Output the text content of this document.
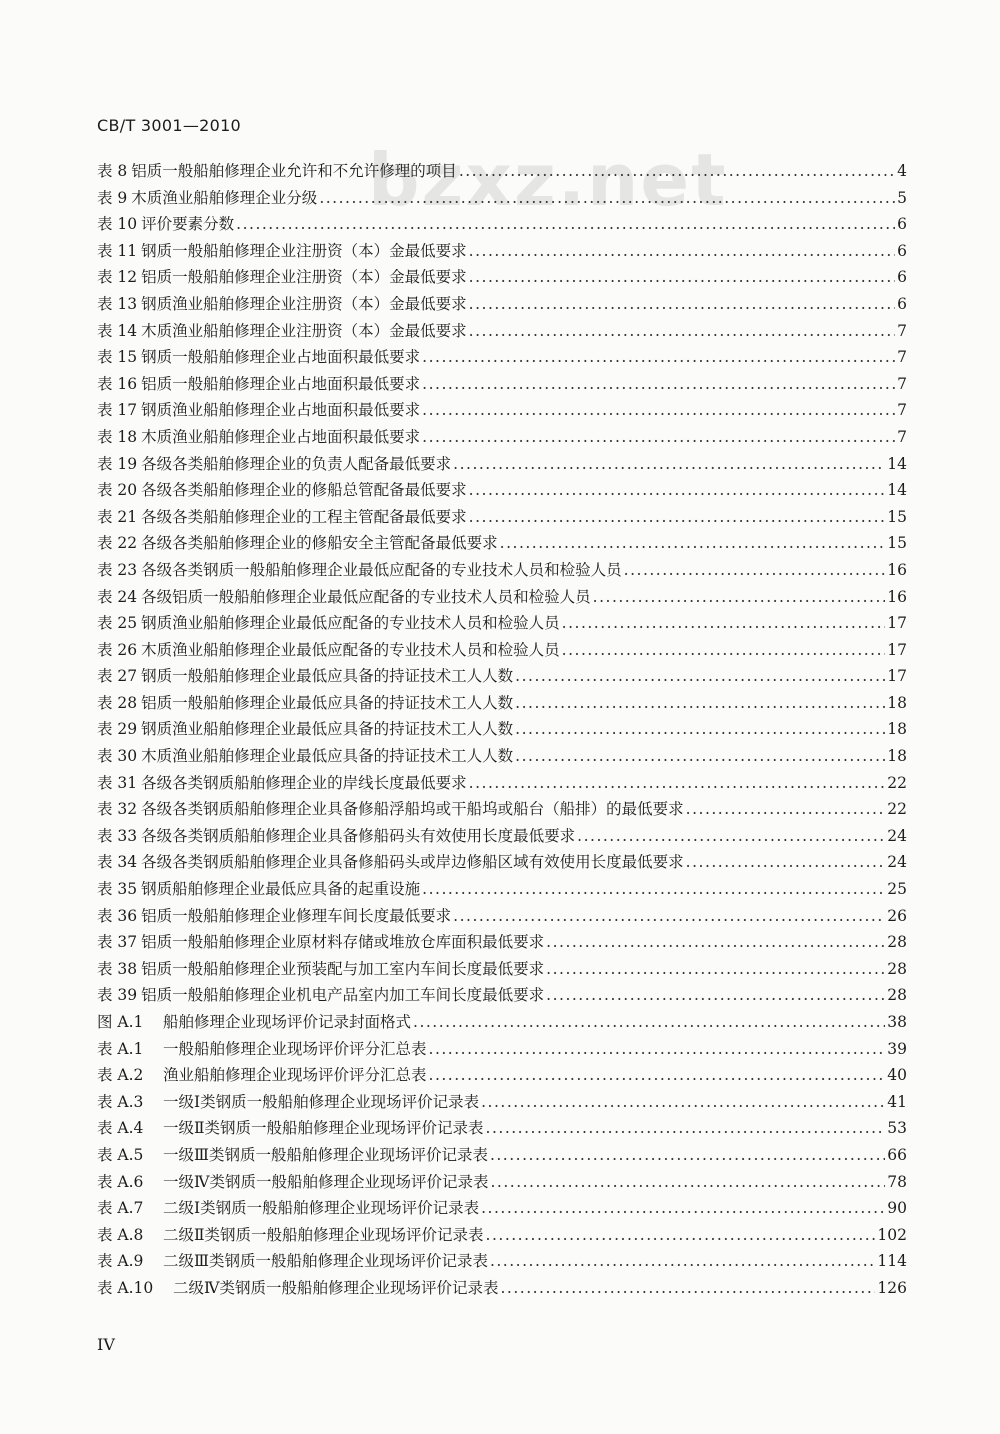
CB/T 3001—2010
bzxz.net
表 8 铝质一般船舶修理企业允许和不允许修理的项目 .....	4
表 9 木质渔业船舶修理企业分级 .....	5
表 10 评价要素分数 .....	6
表 11 钢质一般船舶修理企业注册资（本）金最低要求 .....	6
表 12 铝质一般船舶修理企业注册资（本）金最低要求 .....	6
表 13 钢质渔业船舶修理企业注册资（本）金最低要求 .....	6
表 14 木质渔业船舶修理企业注册资（本）金最低要求 .....	7
表 15 钢质一般船舶修理企业占地面积最低要求 .....	7
表 16 铝质一般船舶修理企业占地面积最低要求 .....	7
表 17 钢质渔业船舶修理企业占地面积最低要求 .....	7
表 18 木质渔业船舶修理企业占地面积最低要求 .....	7
表 19 各级各类船舶修理企业的负责人配备最低要求 .....	14
表 20 各级各类船舶修理企业的修船总管配备最低要求 .....	14
表 21 各级各类船舶修理企业的工程主管配备最低要求 .....	15
表 22 各级各类船舶修理企业的修船安全主管配备最低要求 .....	15
表 23 各级各类钢质一般船舶修理企业最低应配备的专业技术人员和检验人员 .....	16
表 24 各级铝质一般船舶修理企业最低应配备的专业技术人员和检验人员 .....	16
表 25 钢质渔业船舶修理企业最低应配备的专业技术人员和检验人员 .....	17
表 26 木质渔业船舶修理企业最低应配备的专业技术人员和检验人员 .....	17
表 27 钢质一般船舶修理企业最低应具备的持证技术工人人数 .....	17
表 28 铝质一般船舶修理企业最低应具备的持证技术工人人数 .....	18
表 29 钢质渔业船舶修理企业最低应具备的持证技术工人人数 .....	18
表 30 木质渔业船舶修理企业最低应具备的持证技术工人人数 .....	18
表 31 各级各类钢质船舶修理企业的岸线长度最低要求 .....	22
表 32 各级各类钢质船舶修理企业具备修船浮船坞或干船坞或船台（船排）的最低要求 .....	22
表 33 各级各类钢质船舶修理企业具备修船码头有效使用长度最低要求 .....	24
表 34 各级各类钢质船舶修理企业具备修船码头或岸边修船区域有效使用长度最低要求 .....	24
表 35 钢质船舶修理企业最低应具备的起重设施 .....	25
表 36 铝质一般船舶修理企业修理车间长度最低要求 .....	26
表 37 铝质一般船舶修理企业原材料存储或堆放仓库面积最低要求 .....	28
表 38 铝质一般船舶修理企业预装配与加工室内车间长度最低要求 .....	28
表 39 铝质一般船舶修理企业机电产品室内加工车间长度最低要求 .....	28
图 A.1	船舶修理企业现场评价记录封面格式 .....	38
表 A.1	一般船舶修理企业现场评价评分汇总表 .....	39
表 A.2	渔业船舶修理企业现场评价评分汇总表 .....	40
表 A.3	一级Ⅰ类钢质一般船舶修理企业现场评价记录表 .....	41
表 A.4	一级Ⅱ类钢质一般船舶修理企业现场评价记录表 .....	53
表 A.5	一级Ⅲ类钢质一般船舶修理企业现场评价记录表 .....	66
表 A.6	一级Ⅳ类钢质一般船舶修理企业现场评价记录表 .....	78
表 A.7	二级Ⅰ类钢质一般船舶修理企业现场评价记录表 .....	90
表 A.8	二级Ⅱ类钢质一般船舶修理企业现场评价记录表 .....	102
表 A.9	二级Ⅲ类钢质一般船舶修理企业现场评价记录表 .....	114
表 A.10	二级Ⅳ类钢质一般船舶修理企业现场评价记录表 .....	126
IV
